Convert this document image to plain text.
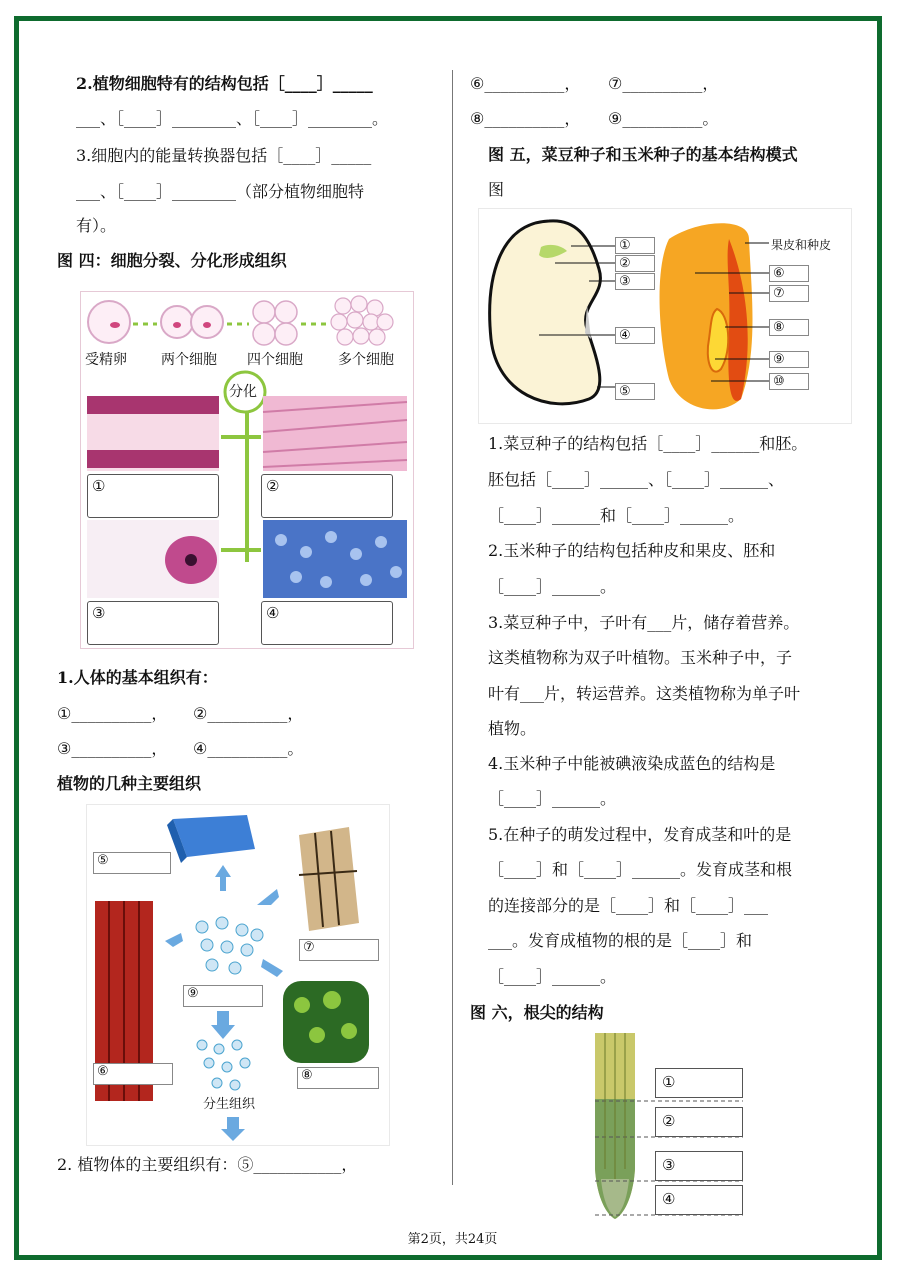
2.植物细胞特有的结构包括［____］_____
___、［____］________、［____］________。
3.细胞内的能量转换器包括［____］_____
___、［____］________（部分植物细胞特
有）。
图 四：细胞分裂、分化形成组织
受精卵 两个细胞 四个细胞	多个细胞
分化
①	②
③	④
1.人体的基本组织有：
①__________， ②__________，
③__________， ④__________。
植物的几种主要组织
⑤
⑦
⑨
⑥	⑧
分生组织
2. 植物体的主要组织有：⑤___________，
⑥__________， ⑦__________，
⑧__________， ⑨__________。
图 五，菜豆种子和玉米种子的基本结构模式
图
①
②
③
④
⑤
果皮和种皮
⑥
⑦
⑧
⑨
⑩
1.菜豆种子的结构包括［____］______和胚。
胚包括［____］______、［____］______、
［____］______和［____］______。
2.玉米种子的结构包括种皮和果皮、胚和
［____］______。
3.菜豆种子中，子叶有___片，储存着营养。
这类植物称为双子叶植物。玉米种子中，子
叶有___片，转运营养。这类植物称为单子叶
植物。
4.玉米种子中能被碘液染成蓝色的结构是
［____］______。
5.在种子的萌发过程中，发育成茎和叶的是
［____］和［____］______。发育成茎和根
的连接部分的是［____］和［____］___
___。发育成植物的根的是［____］和
［____］______。
图 六，根尖的结构
①
②
③
④
第2页，共24页
